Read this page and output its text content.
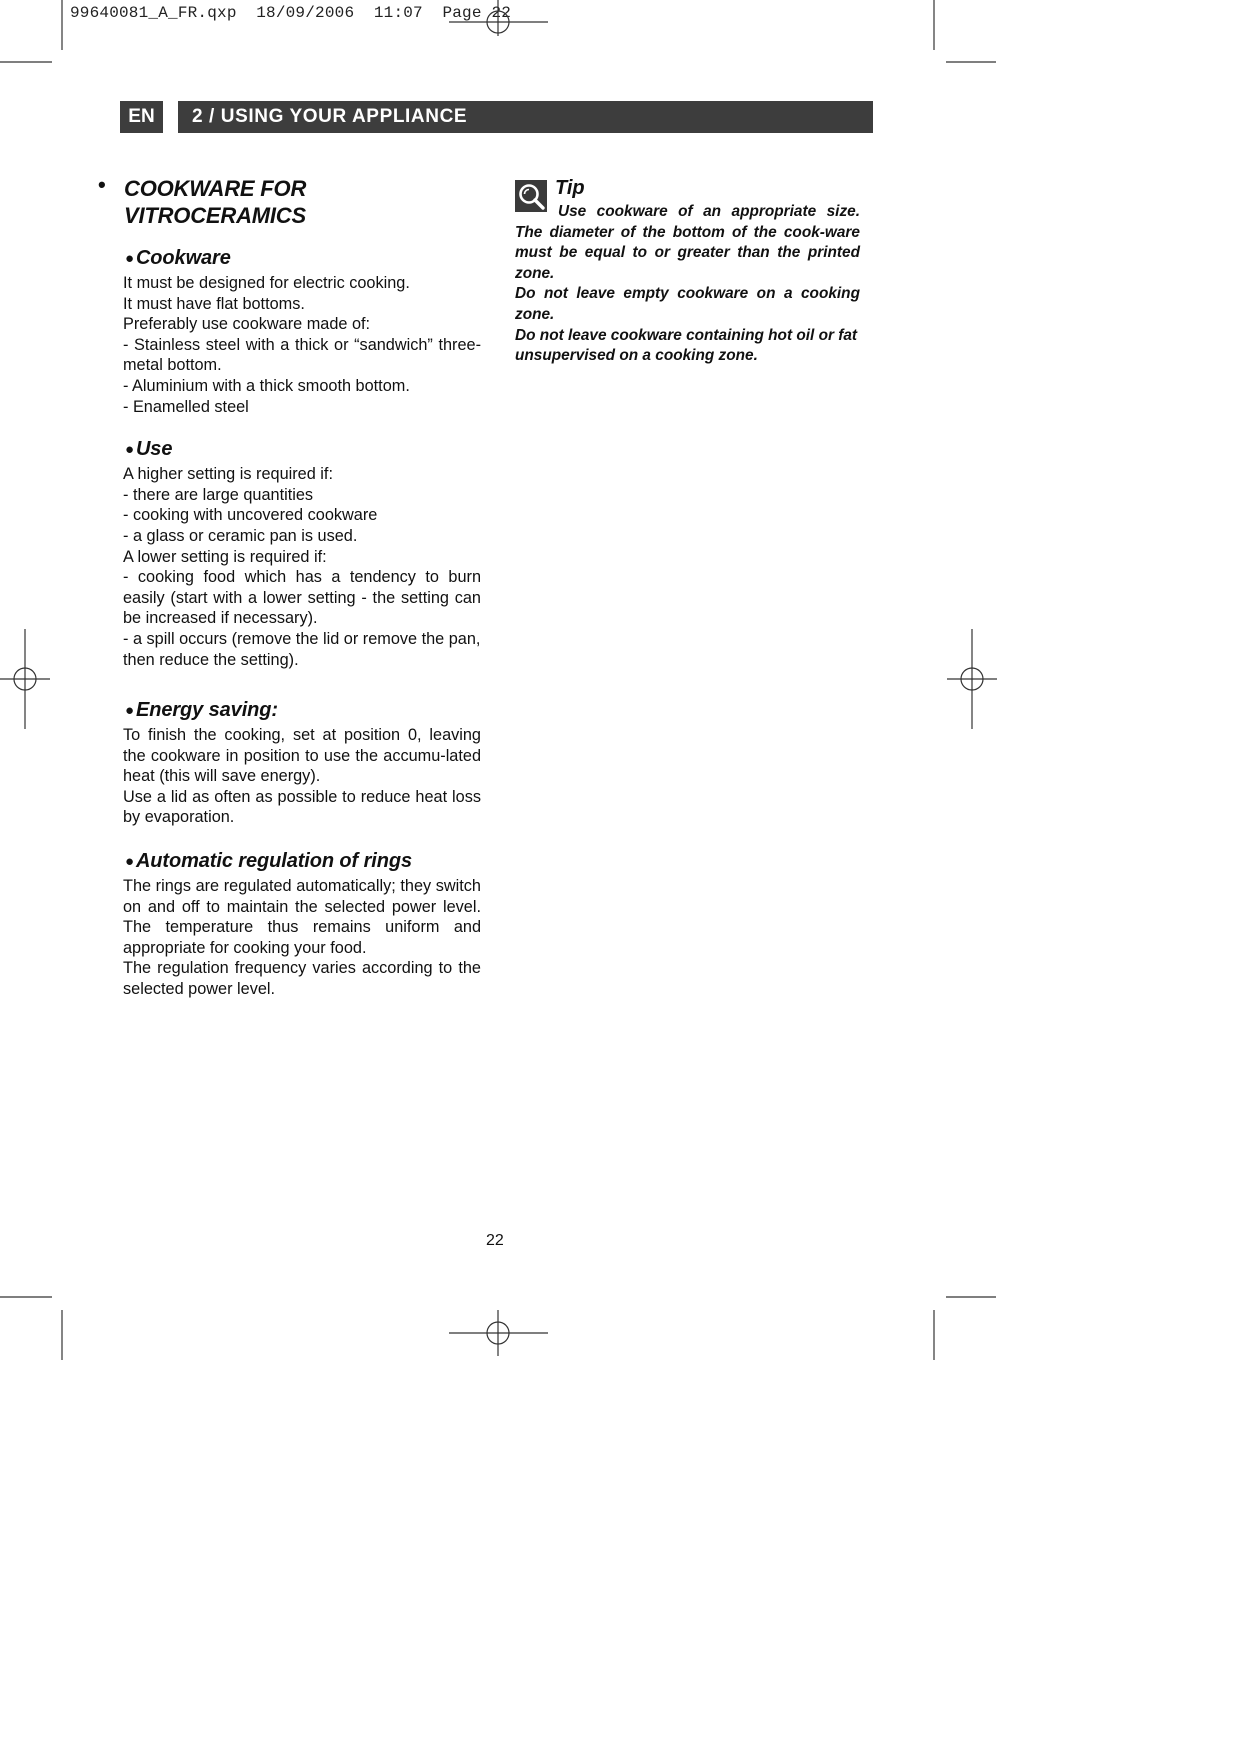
99640081_A_FR.qxp  18/09/2006  11:07  Page 22
EN	2 / USING YOUR APPLIANCE
• COOKWARE FOR
VITROCERAMICS
● Cookware

It must be designed for electric cooking.

It must have flat bottoms.

Preferably use cookware made of:

- Stainless steel with a thick or “sandwich” three-metal bottom.

- Aluminium with a thick smooth bottom.

- Enamelled steel

● Use

A higher setting is required if:

- there are large quantities

- cooking with uncovered cookware

- a glass or ceramic pan is used.

A lower setting is required if:

- cooking food which has a tendency to burn easily (start with a lower setting - the setting can be increased if necessary).

- a spill occurs (remove the lid or remove the pan, then reduce the setting).

● Energy saving:

To finish the cooking, set at position 0, leaving the cookware in position to use the accumu-lated heat (this will save energy).

Use a lid as often as possible to reduce heat loss by evaporation.

● Automatic regulation of rings

The rings are regulated automatically; they switch on and off to maintain the selected power level. The temperature thus remains uniform and appropriate for cooking your food.

The regulation frequency varies according to the selected power level.

Tip

Use cookware of an appropriate size. The diameter of the bottom of the cook-ware must be equal to or greater than the printed zone.

Do not leave empty cookware on a cooking zone.

Do not leave cookware containing hot oil or fat unsupervised on a cooking zone.

22
